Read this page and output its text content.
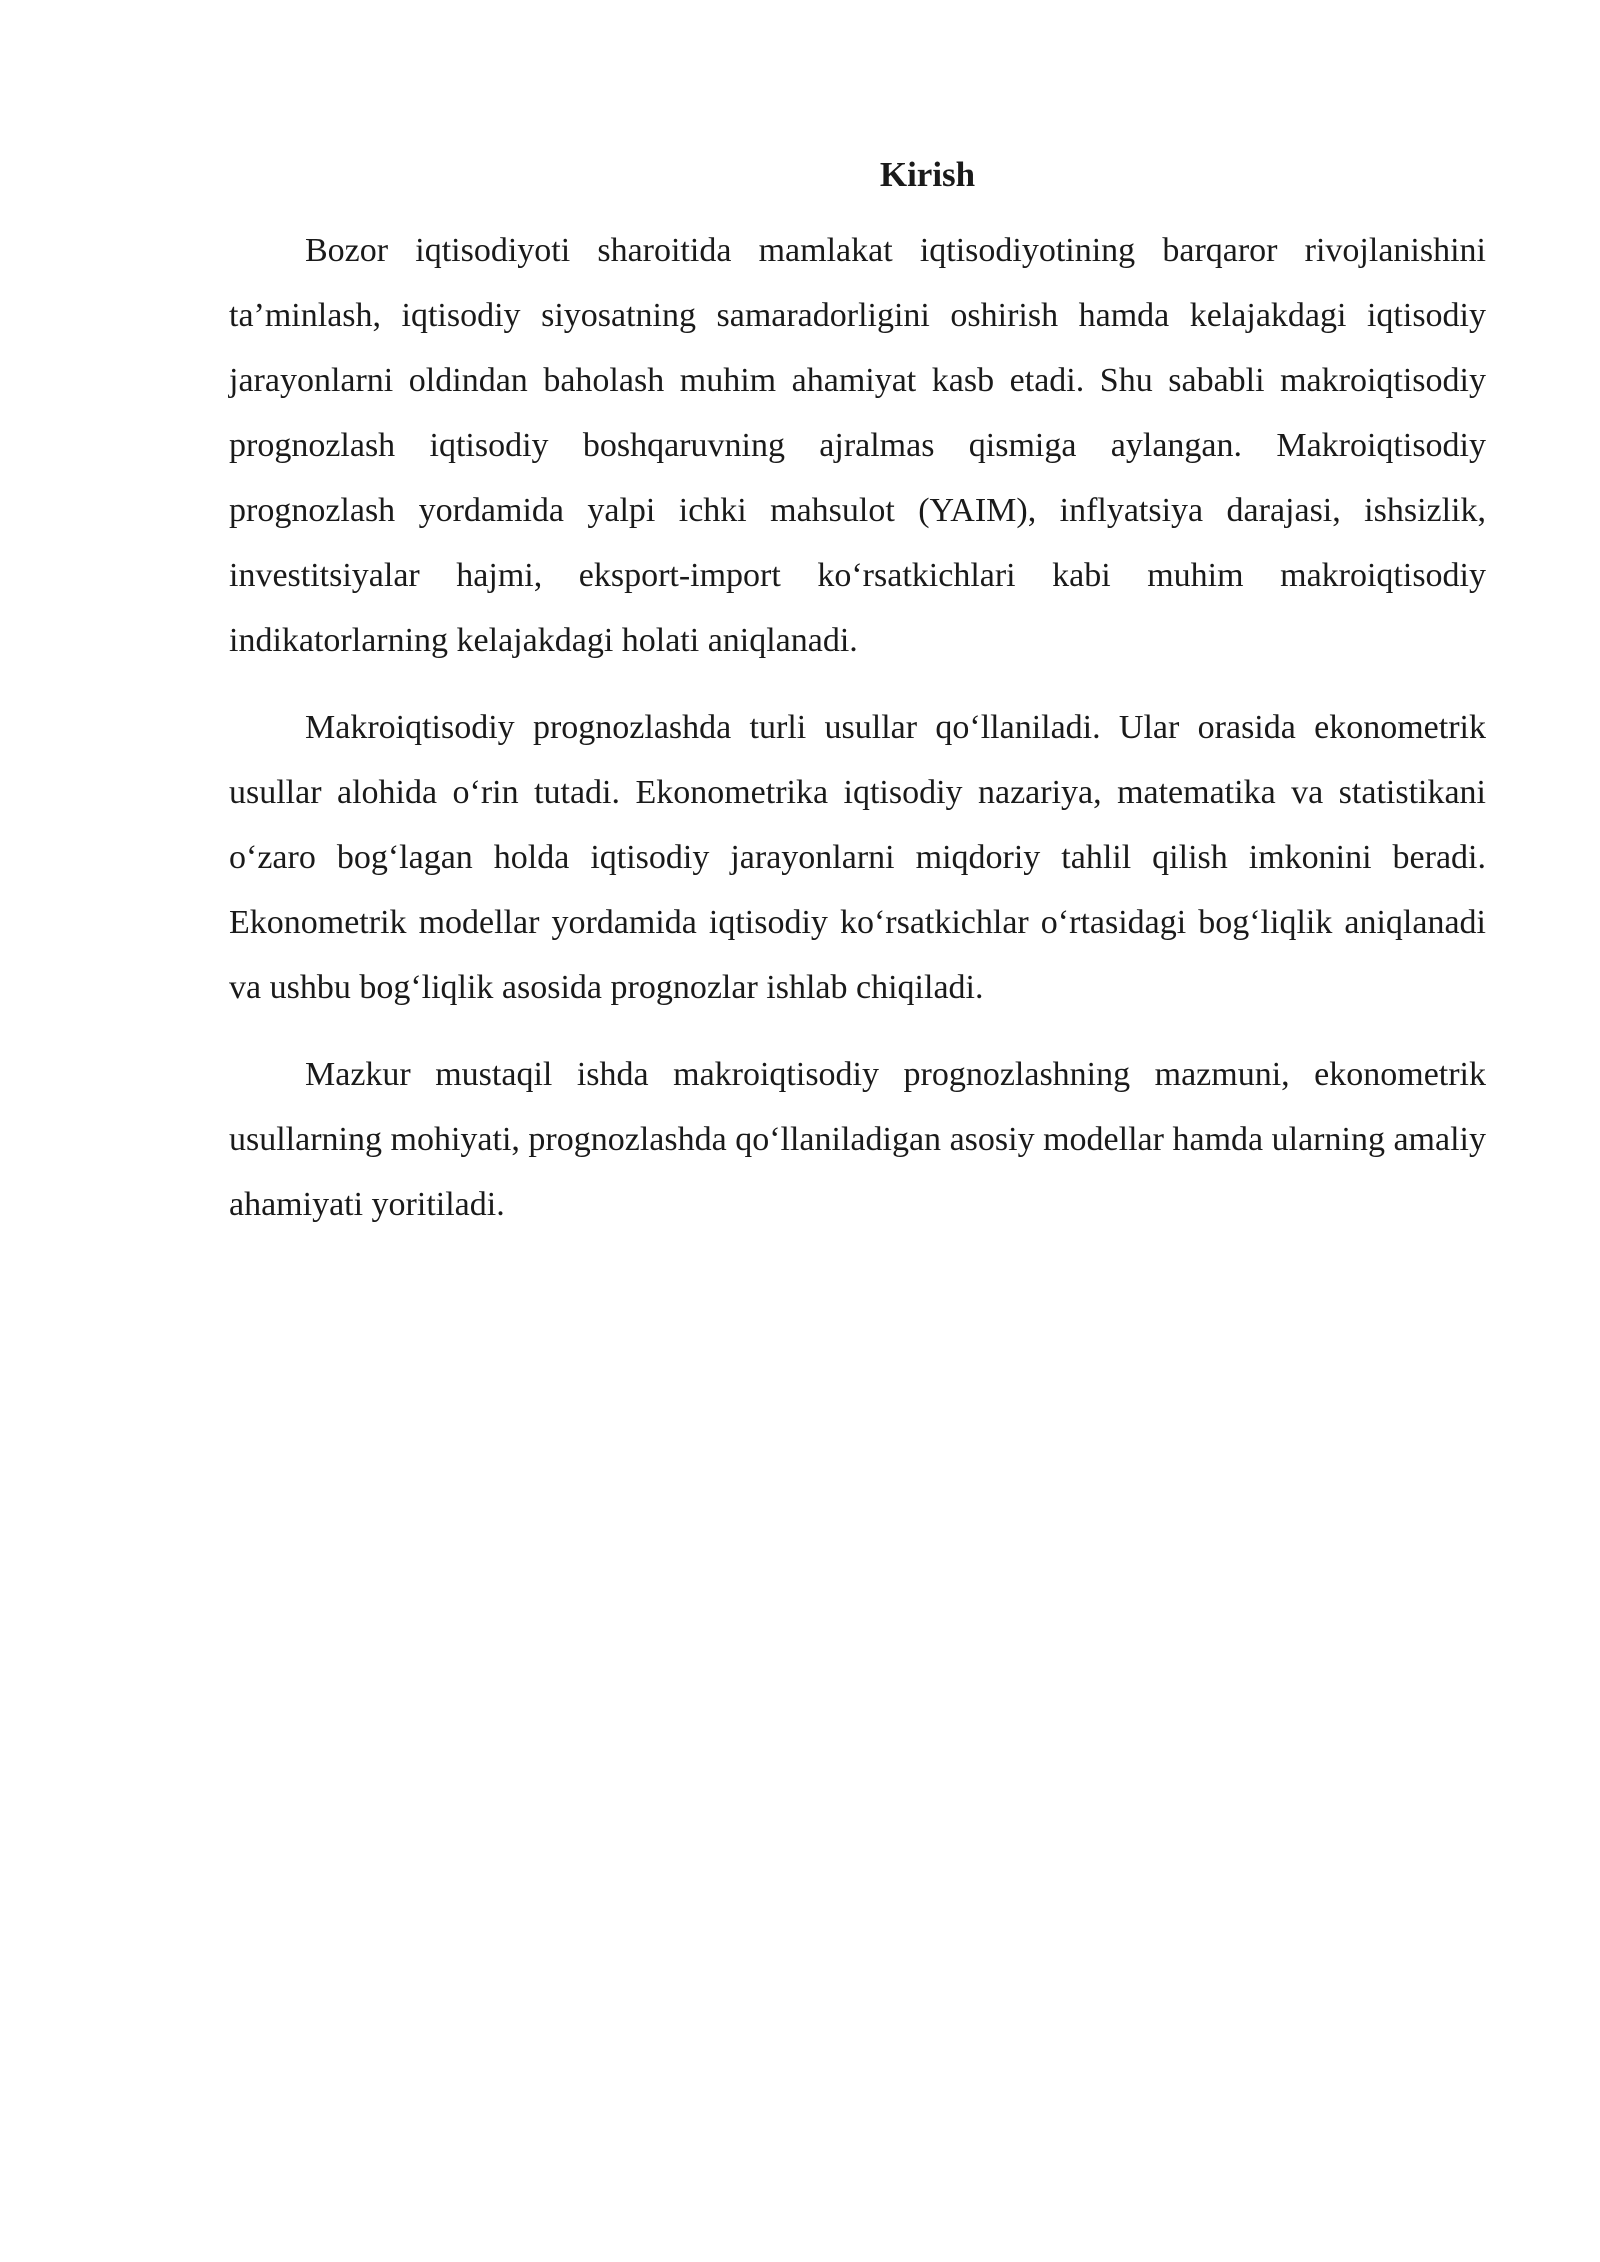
Kirish

Bozor iqtisodiyoti sharoitida mamlakat iqtisodiyotining barqaror rivojlanishini ta’minlash, iqtisodiy siyosatning samaradorligini oshirish hamda kelajakdagi iqtisodiy jarayonlarni oldindan baholash muhim ahamiyat kasb etadi. Shu sababli makroiqtisodiy prognozlash iqtisodiy boshqaruvning ajralmas qismiga aylangan. Makroiqtisodiy prognozlash yordamida yalpi ichki mahsulot (YAIM), inflyatsiya darajasi, ishsizlik, investitsiyalar hajmi, eksport-import ko‘rsatkichlari kabi muhim makroiqtisodiy indikatorlarning kelajakdagi holati aniqlanadi.

Makroiqtisodiy prognozlashda turli usullar qo‘llaniladi. Ular orasida ekonometrik usullar alohida o‘rin tutadi. Ekonometrika iqtisodiy nazariya, matematika va statistikani o‘zaro bog‘lagan holda iqtisodiy jarayonlarni miqdoriy tahlil qilish imkonini beradi. Ekonometrik modellar yordamida iqtisodiy ko‘rsatkichlar o‘rtasidagi bog‘liqlik aniqlanadi va ushbu bog‘liqlik asosida prognozlar ishlab chiqiladi.

Mazkur mustaqil ishda makroiqtisodiy prognozlashning mazmuni, ekonometrik usullarning mohiyati, prognozlashda qo‘llaniladigan asosiy modellar hamda ularning amaliy ahamiyati yoritiladi.
